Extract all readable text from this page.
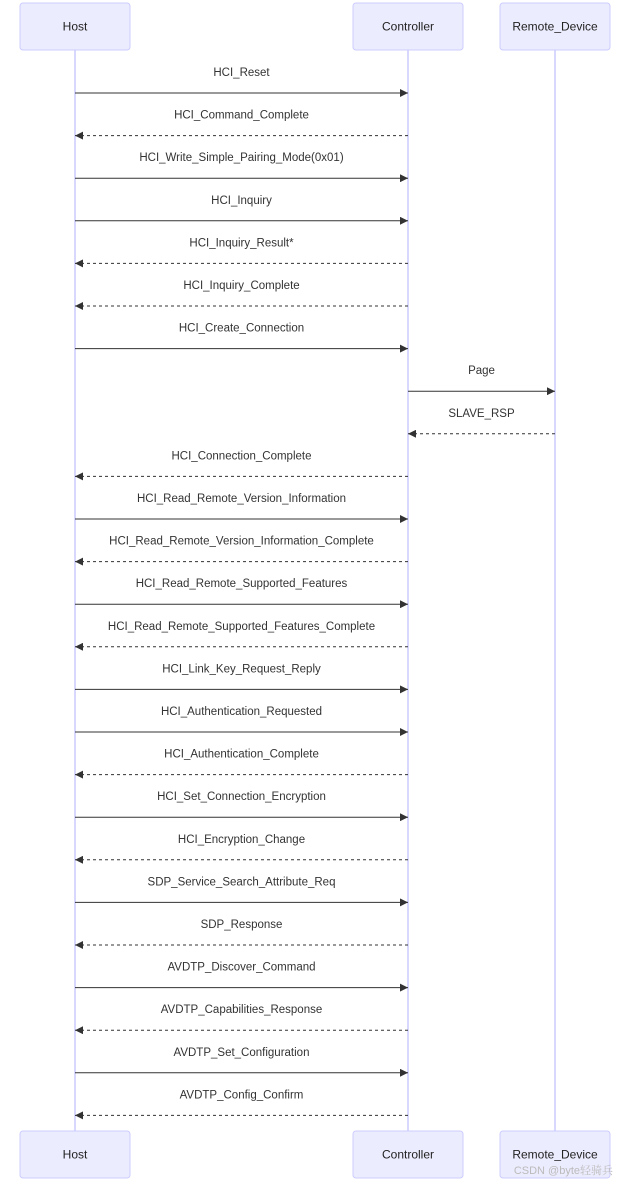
Host	Controller	Remote_Device
Host	Controller	Remote_Device
HCI_Reset
HCI_Command_Complete
HCI_Write_Simple_Pairing_Mode(0x01)
HCI_Inquiry
HCI_Inquiry_Result*
HCI_Inquiry_Complete
HCI_Create_Connection
Page
SLAVE_RSP
HCI_Connection_Complete
HCI_Read_Remote_Version_Information
HCI_Read_Remote_Version_Information_Complete
HCI_Read_Remote_Supported_Features
HCI_Read_Remote_Supported_Features_Complete
HCI_Link_Key_Request_Reply
HCI_Authentication_Requested
HCI_Authentication_Complete
HCI_Set_Connection_Encryption
HCI_Encryption_Change
SDP_Service_Search_Attribute_Req
SDP_Response
AVDTP_Discover_Command
AVDTP_Capabilities_Response
AVDTP_Set_Configuration
AVDTP_Config_Confirm
CSDN @byte轻骑兵
